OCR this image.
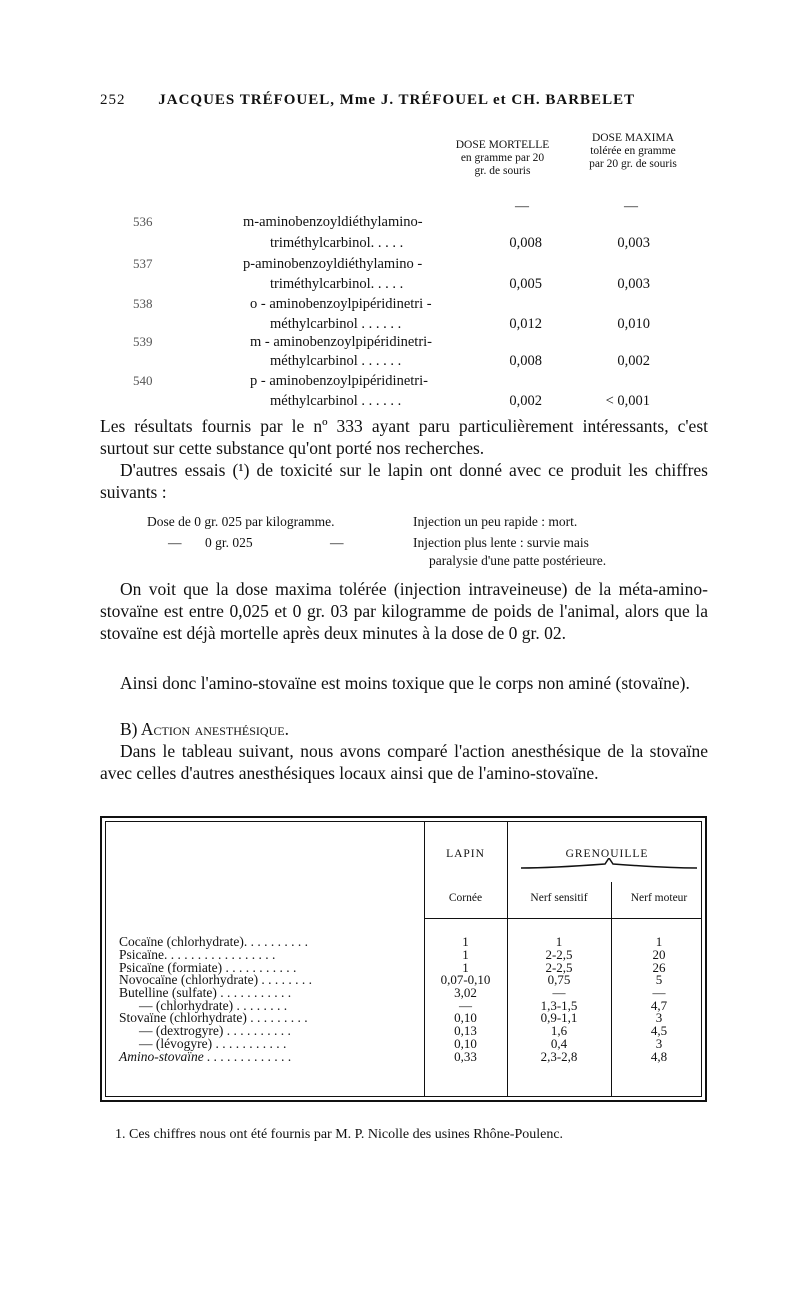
252 JACQUES TRÉFOUEL, Mme J. TRÉFOUEL et CH. BARBELET
DOSE MORTELLE en gramme par 20 gr. de souris
DOSE MAXIMA tolérée en gramme par 20 gr. de souris
—	—
536	m-aminobenzoyldiéthylamino-
triméthylcarbinol. . . . .	0,008	0,003
537	p-aminobenzoyldiéthylamino -
triméthylcarbinol. . . . .	0,005	0,003
538	o - aminobenzoylpipéridinetri -
méthylcarbinol . . . . . .	0,012	0,010
539	m - aminobenzoylpipéridinetri-
méthylcarbinol . . . . . .	0,008	0,002
540	p - aminobenzoylpipéridinetri-
méthylcarbinol . . . . . .	0,002	< 0,001
Les résultats fournis par le nº 333 ayant paru particulièrement intéressants, c'est surtout sur cette substance qu'ont porté nos recherches.
D'autres essais (¹) de toxicité sur le lapin ont donné avec ce produit les chiffres suivants :
Dose de 0 gr. 025 par kilogramme.	Injection un peu rapide : mort.
— 0 gr. 025	—	Injection plus lente : survie mais
paralysie d'une patte postérieure.
On voit que la dose maxima tolérée (injection intraveineuse) de la méta-amino-stovaïne est entre 0,025 et 0 gr. 03 par kilogramme de poids de l'animal, alors que la stovaïne est déjà mortelle après deux minutes à la dose de 0 gr. 02.
Ainsi donc l'amino-stovaïne est moins toxique que le corps non aminé (stovaïne).
B) Action anesthésique.
Dans le tableau suivant, nous avons comparé l'action anesthésique de la stovaïne avec celles d'autres anesthésiques locaux ainsi que de l'amino-stovaïne.
LAPIN	GRENOUILLE
Cornée	Nerf sensitif	Nerf moteur
Cocaïne (chlorhydrate). . . . . . . . . .	1	1	1
Psicaïne. . . . . . . . . . . . . . . . .	1	2-2,5	20
Psicaïne (formiate) . . . . . . . . . . .	1	2-2,5	26
Novocaïne (chlorhydrate) . . . . . . . .	0,07-0,10	0,75	5
Butelline (sulfate) . . . . . . . . . . .	3,02	—	—
— (chlorhydrate) . . . . . . . .	—	1,3-1,5	4,7
Stovaïne (chlorhydrate) . . . . . . . . .	0,10	0,9-1,1	3
— (dextrogyre) . . . . . . . . . .	0,13	1,6	4,5
— (lévogyre) . . . . . . . . . . .	0,10	0,4	3
Amino-stovaïne . . . . . . . . . . . . .	0,33	2,3-2,8	4,8
1. Ces chiffres nous ont été fournis par M. P. Nicolle des usines Rhône-Poulenc.
